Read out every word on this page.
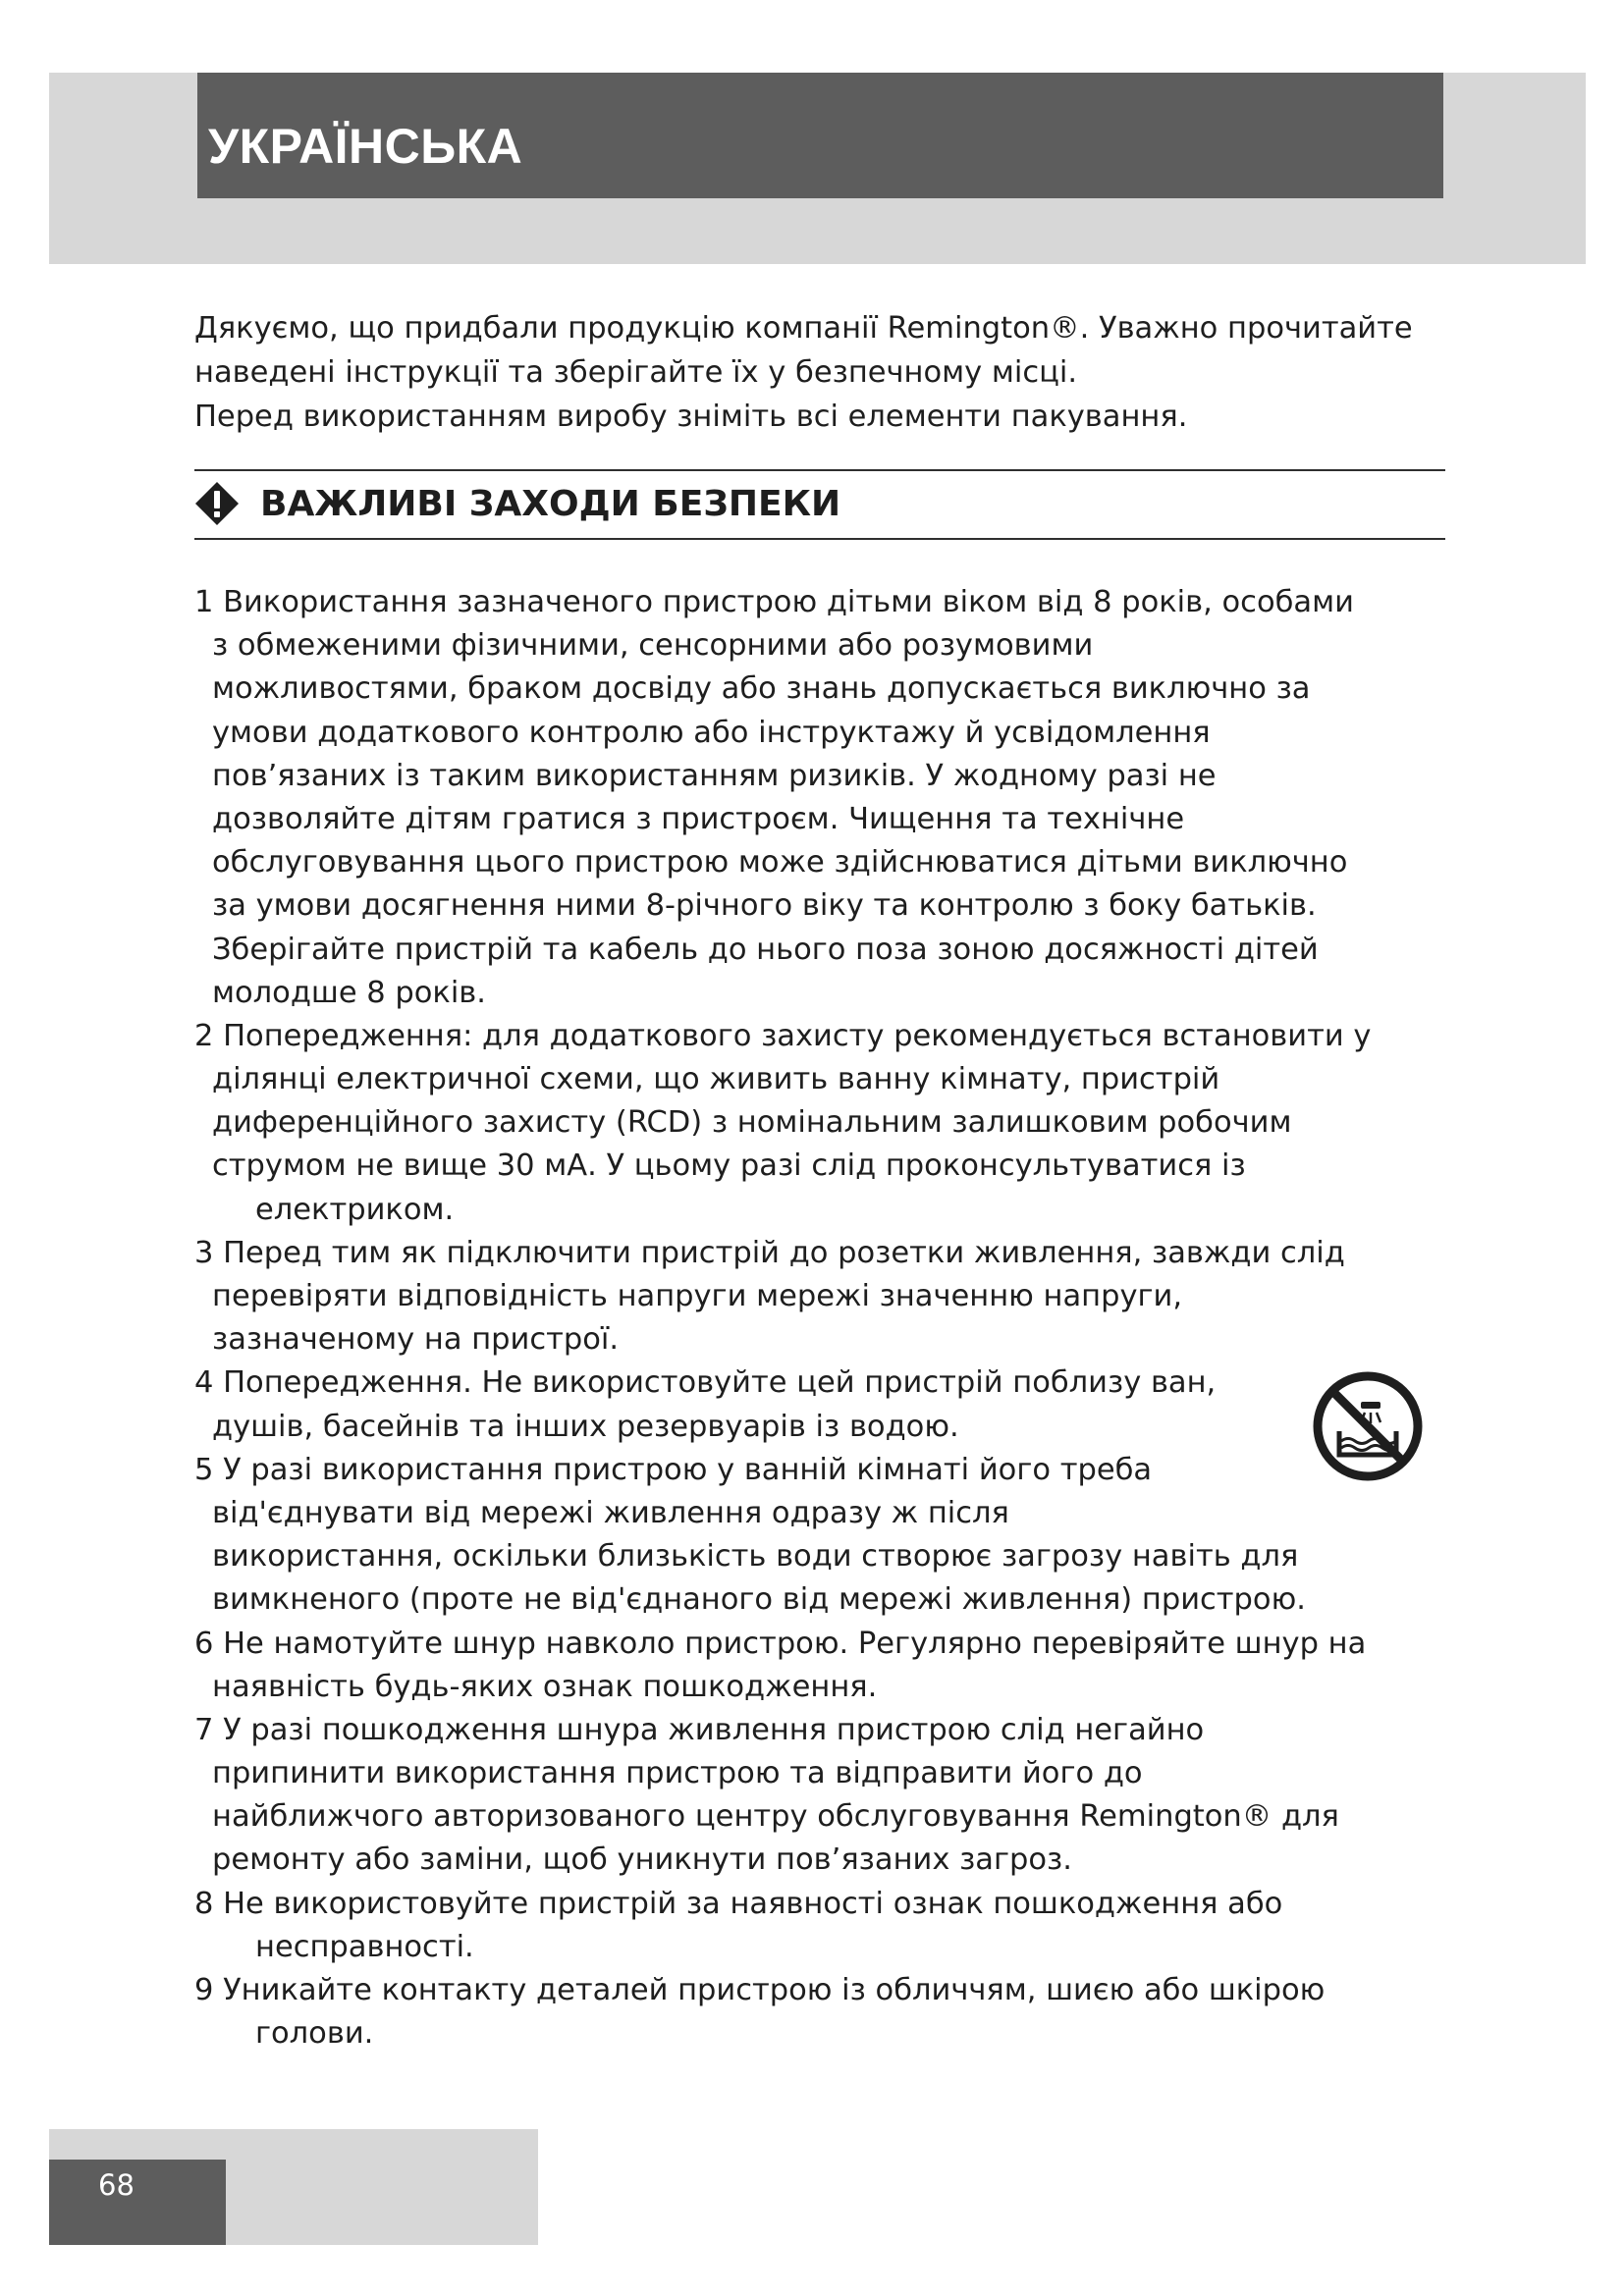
УКРАЇНСЬКА

Дякуємо, що придбали продукцію компанії Remington®. Уважно прочитайте

наведені інструкції та зберігайте їх у безпечному місці.

Перед використанням виробу зніміть всі елементи пакування.

ВАЖЛИВІ ЗАХОДИ БЕЗПЕКИ
1 Використання зазначеного пристрою дітьми віком від 8 років, особами
з обмеженими фізичними, сенсорними або розумовими
можливостями, браком досвіду або знань допускається виключно за
умови додаткового контролю або інструктажу й усвідомлення
пов’язаних із таким використанням ризиків. У жодному разі не
дозволяйте дітям гратися з пристроєм. Чищення та технічне
обслуговування цього пристрою може здійснюватися дітьми виключно
за умови досягнення ними 8-річного віку та контролю з боку батьків.
Зберігайте пристрій та кабель до нього поза зоною досяжності дітей
молодше 8 років.
2 Попередження: для додаткового захисту рекомендується встановити у
ділянці електричної схеми, що живить ванну кімнату, пристрій
диференційного захисту (RCD) з номінальним залишковим робочим
струмом не вище 30 мА. У цьому разі слід проконсультуватися із
електриком.
3 Перед тим як підключити пристрій до розетки живлення, завжди слід
перевіряти відповідність напруги мережі значенню напруги,
зазначеному на пристрої.
4 Попередження. Не використовуйте цей пристрій поблизу ван,
душів, басейнів та інших резервуарів із водою.
5 У разі використання пристрою у ванній кімнаті його треба
від'єднувати від мережі живлення одразу ж після
використання, оскільки близькість води створює загрозу навіть для
вимкненого (проте не від'єднаного від мережі живлення) пристрою.
6 Не намотуйте шнур навколо пристрою. Регулярно перевіряйте шнур на
наявність будь-яких ознак пошкодження.
7 У разі пошкодження шнура живлення пристрою слід негайно
припинити використання пристрою та відправити його до
найближчого авторизованого центру обслуговування Remington® для
ремонту або заміни, щоб уникнути пов’язаних загроз.
8 Не використовуйте пристрій за наявності ознак пошкодження або
несправності.
9 Уникайте контакту деталей пристрою із обличчям, шиєю або шкірою
голови.
68
